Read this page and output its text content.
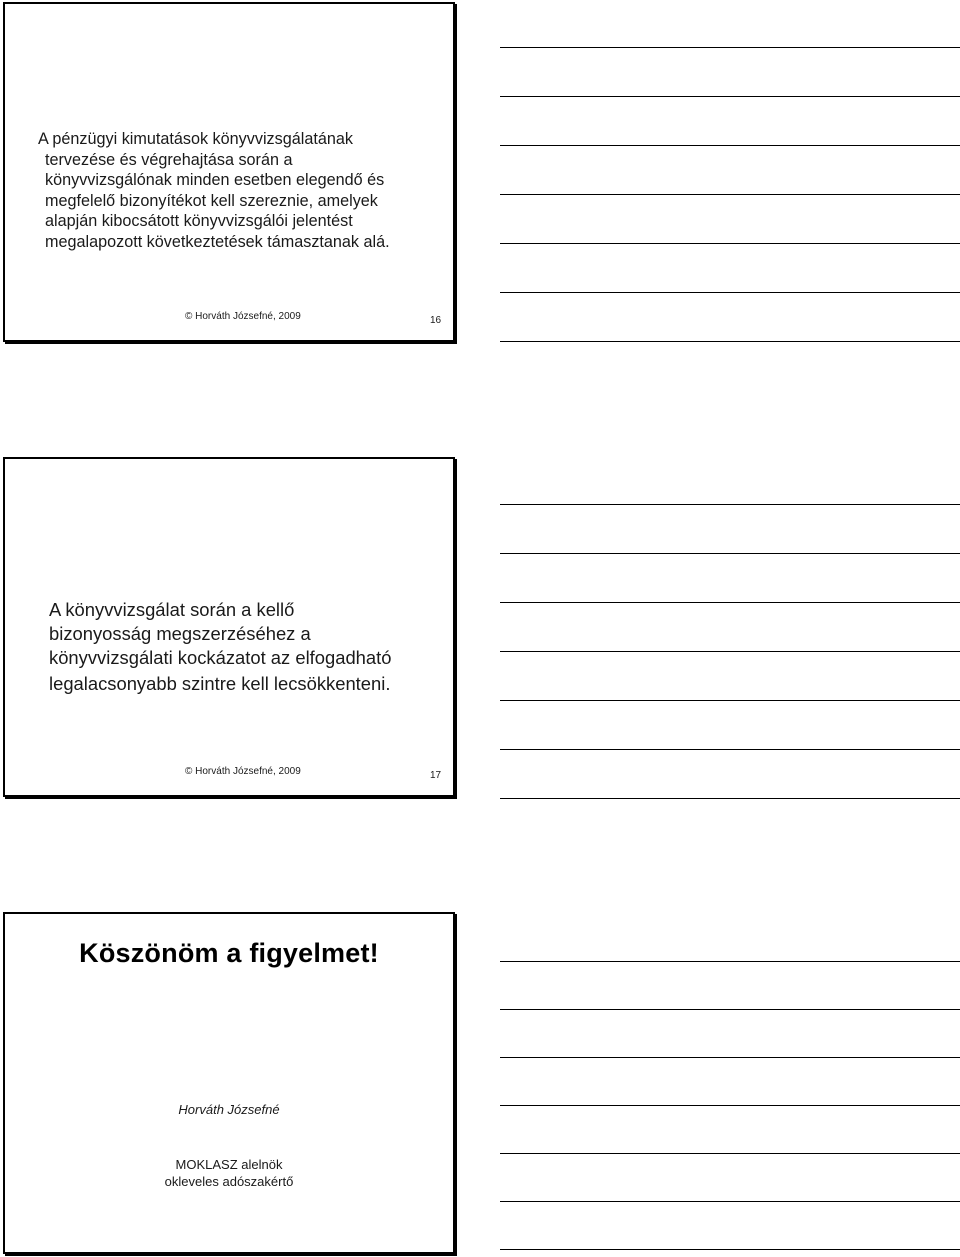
A pénzügyi kimutatások könyvvizsgálatának
tervezése és végrehajtása során a
könyvvizsgálónak minden esetben elegendő és
megfelelő bizonyítékot kell szereznie, amelyek
alapján kibocsátott könyvvizsgálói jelentést
megalapozott következtetések támasztanak alá.
© Horváth Józsefné, 2009	16
A könyvvizsgálat során a kellő
bizonyosság megszerzéséhez a
könyvvizsgálati kockázatot az elfogadható
legalacsonyabb szintre kell lecsökkenteni.
© Horváth Józsefné, 2009	17
Köszönöm a figyelmet!
Horváth Józsefné
MOKLASZ alelnök
okleveles adószakértő
